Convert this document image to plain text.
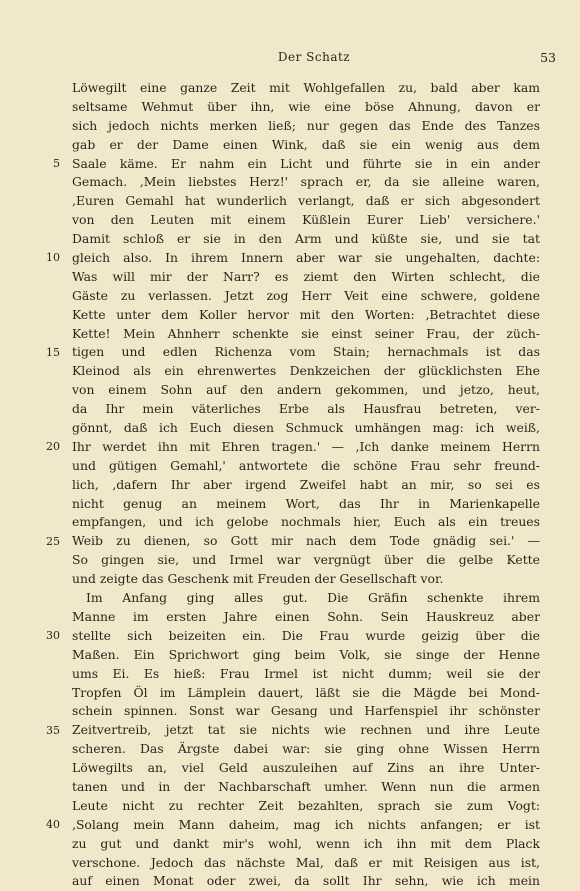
Der Schatz	53
5
10
15
20
25
30
35
40
Löwegilt eine ganze Zeit mit Wohlgefallen zu, bald aber kam
seltsame Wehmut über ihn, wie eine böse Ahnung, davon er
sich jedoch nichts merken ließ; nur gegen das Ende des Tanzes
gab er der Dame einen Wink, daß sie ein wenig aus dem
Saale käme. Er nahm ein Licht und führte sie in ein ander
Gemach. ‚Mein liebstes Herz!' sprach er, da sie alleine waren,
‚Euren Gemahl hat wunderlich verlangt, daß er sich abgesondert
von den Leuten mit einem Küßlein Eurer Lieb' versichere.'
Damit schloß er sie in den Arm und küßte sie, und sie tat
gleich also. In ihrem Innern aber war sie ungehalten, dachte:
Was will mir der Narr? es ziemt den Wirten schlecht, die
Gäste zu verlassen. Jetzt zog Herr Veit eine schwere, goldene
Kette unter dem Koller hervor mit den Worten: ‚Betrachtet diese
Kette! Mein Ahnherr schenkte sie einst seiner Frau, der züch-
tigen und edlen Richenza vom Stain; hernachmals ist das
Kleinod als ein ehrenwertes Denkzeichen der glücklichsten Ehe
von einem Sohn auf den andern gekommen, und jetzo, heut,
da Ihr mein väterliches Erbe als Hausfrau betreten, ver-
gönnt, daß ich Euch diesen Schmuck umhängen mag: ich weiß,
Ihr werdet ihn mit Ehren tragen.' — ‚Ich danke meinem Herrn
und gütigen Gemahl,' antwortete die schöne Frau sehr freund-
lich, ‚dafern Ihr aber irgend Zweifel habt an mir, so sei es
nicht genug an meinem Wort, das Ihr in Marienkapelle
empfangen, und ich gelobe nochmals hier, Euch als ein treues
Weib zu dienen, so Gott mir nach dem Tode gnädig sei.' —
So gingen sie, und Irmel war vergnügt über die gelbe Kette
und zeigte das Geschenk mit Freuden der Gesellschaft vor.
Im Anfang ging alles gut. Die Gräfin schenkte ihrem
Manne im ersten Jahre einen Sohn. Sein Hauskreuz aber
stellte sich beizeiten ein. Die Frau wurde geizig über die
Maßen. Ein Sprichwort ging beim Volk, sie singe der Henne
ums Ei. Es hieß: Frau Irmel ist nicht dumm; weil sie der
Tropfen Öl im Lämplein dauert, läßt sie die Mägde bei Mond-
schein spinnen. Sonst war Gesang und Harfenspiel ihr schönster
Zeitvertreib, jetzt tat sie nichts wie rechnen und ihre Leute
scheren. Das Ärgste dabei war: sie ging ohne Wissen Herrn
Löwegilts an, viel Geld auszuleihen auf Zins an ihre Unter-
tanen und in der Nachbarschaft umher. Wenn nun die armen
Leute nicht zu rechter Zeit bezahlten, sprach sie zum Vogt:
‚Solang mein Mann daheim, mag ich nichts anfangen; er ist
zu gut und dankt mir's wohl, wenn ich ihn mit dem Plack
verschone. Jedoch das nächste Mal, daß er mit Reisigen aus ist,
auf einen Monat oder zwei, da sollt Ihr sehn, wie ich mein
